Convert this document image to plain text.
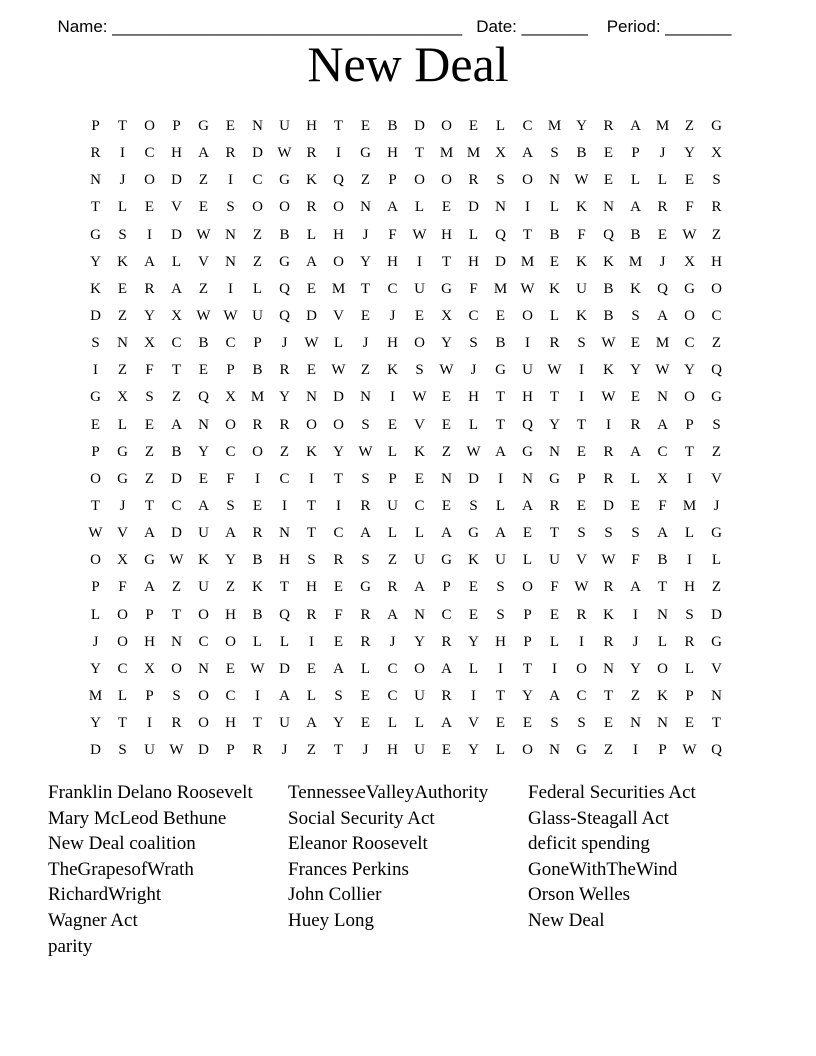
Name: _____________________________________ Date: _______ Period: _______

New Deal
P	T	O	P	G	E	N	U	H	T	E	B	D	O	E	L	C	M Y	R	A M	Z	G
R	I	C	H	A	R	D W R	I	G	H	T	M M X	A	S	B	E	P	J	Y	X
N	J	O	D	Z	I	C	G	K	Q	Z	P	O	O	R	S	O	N W	E	L	L	E	S
T	L	E	V	E	S	O	O	R	O	N	A	L	E	D	N	I	L	K	N	A	R	F	R
G	S	I	D W N	Z	B	L	H	J	F	W H	L	Q	T	B	F	Q	B	E	W	Z
Y	K	A	L	V	N	Z	G	A	O	Y	H	I	T	H	D M	E	K	K M	J	X	H
K	E	R	A	Z	I	L	Q	E	M	T	C	U	G	F	M W K	U	B	K	Q	G	O
D	Z	Y	X W W U	Q	D	V	E	J	E	X	C	E	O	L	K	B	S	A	O	C
S	N	X	C	B	C	P	J	W	L	J	H	O	Y	S	B	I	R	S	W	E	M	C	Z
I	Z	F	T	E	P	B	R	E	W	Z	K	S	W	J	G	U W	I	K	Y W Y	Q
G	X	S	Z	Q	X M Y	N	D	N	I	W	E	H	T	H	T	I	W	E	N	O	G
E	L	E	A	N	O	R	R	O	O	S	E	V	E	L	T	Q	Y	T	I	R	A	P	S
P	G	Z	B	Y	C	O	Z	K	Y W	L	K	Z	W A	G	N	E	R	A	C	T	Z
O	G	Z	D	E	F	I	C	I	T	S	P	E	N	D	I	N	G	P	R	L	X	I	V
T	J	T	C	A	S	E	I	T	I	R	U	C	E	S	L	A	R	E	D	E	F	M	J
W V	A	D	U	A	R	N	T	C	A	L	L	A	G	A	E	T	S	S	S	A	L	G
O	X	G W K	Y	B	H	S	R	S	Z	U	G	K	U	L	U	V W	F	B	I	L
P	F	A	Z	U	Z	K	T	H	E	G	R	A	P	E	S	O	F	W R	A	T	H	Z
L	O	P	T	O	H	B	Q	R	F	R	A	N	C	E	S	P	E	R	K	I	N	S	D
J	O	H	N	C	O	L	L	I	E	R	J	Y	R	Y	H	P	L	I	R	J	L	R	G
Y	C	X	O	N	E	W D	E	A	L	C	O	A	L	I	T	I	O	N	Y	O	L	V
M	L	P	S	O	C	I	A	L	S	E	C	U	R	I	T	Y	A	C	T	Z	K	P	N
Y	T	I	R	O	H	T	U	A	Y	E	L	L	A	V	E	E	S	S	E	N	N	E	T
D	S	U W D	P	R	J	Z	T	J	H	U	E	Y	L	O	N	G	Z	I	P	W Q
Franklin Delano Roosevelt
Mary McLeod Bethune
New Deal coalition
TheGrapesofWrath
RichardWright
Wagner Act
parity
TennesseeValleyAuthority
Social Security Act
Eleanor Roosevelt
Frances Perkins
John Collier
Huey Long
Federal Securities Act
Glass-Steagall Act
deficit spending
GoneWithTheWind
Orson Welles
New Deal
